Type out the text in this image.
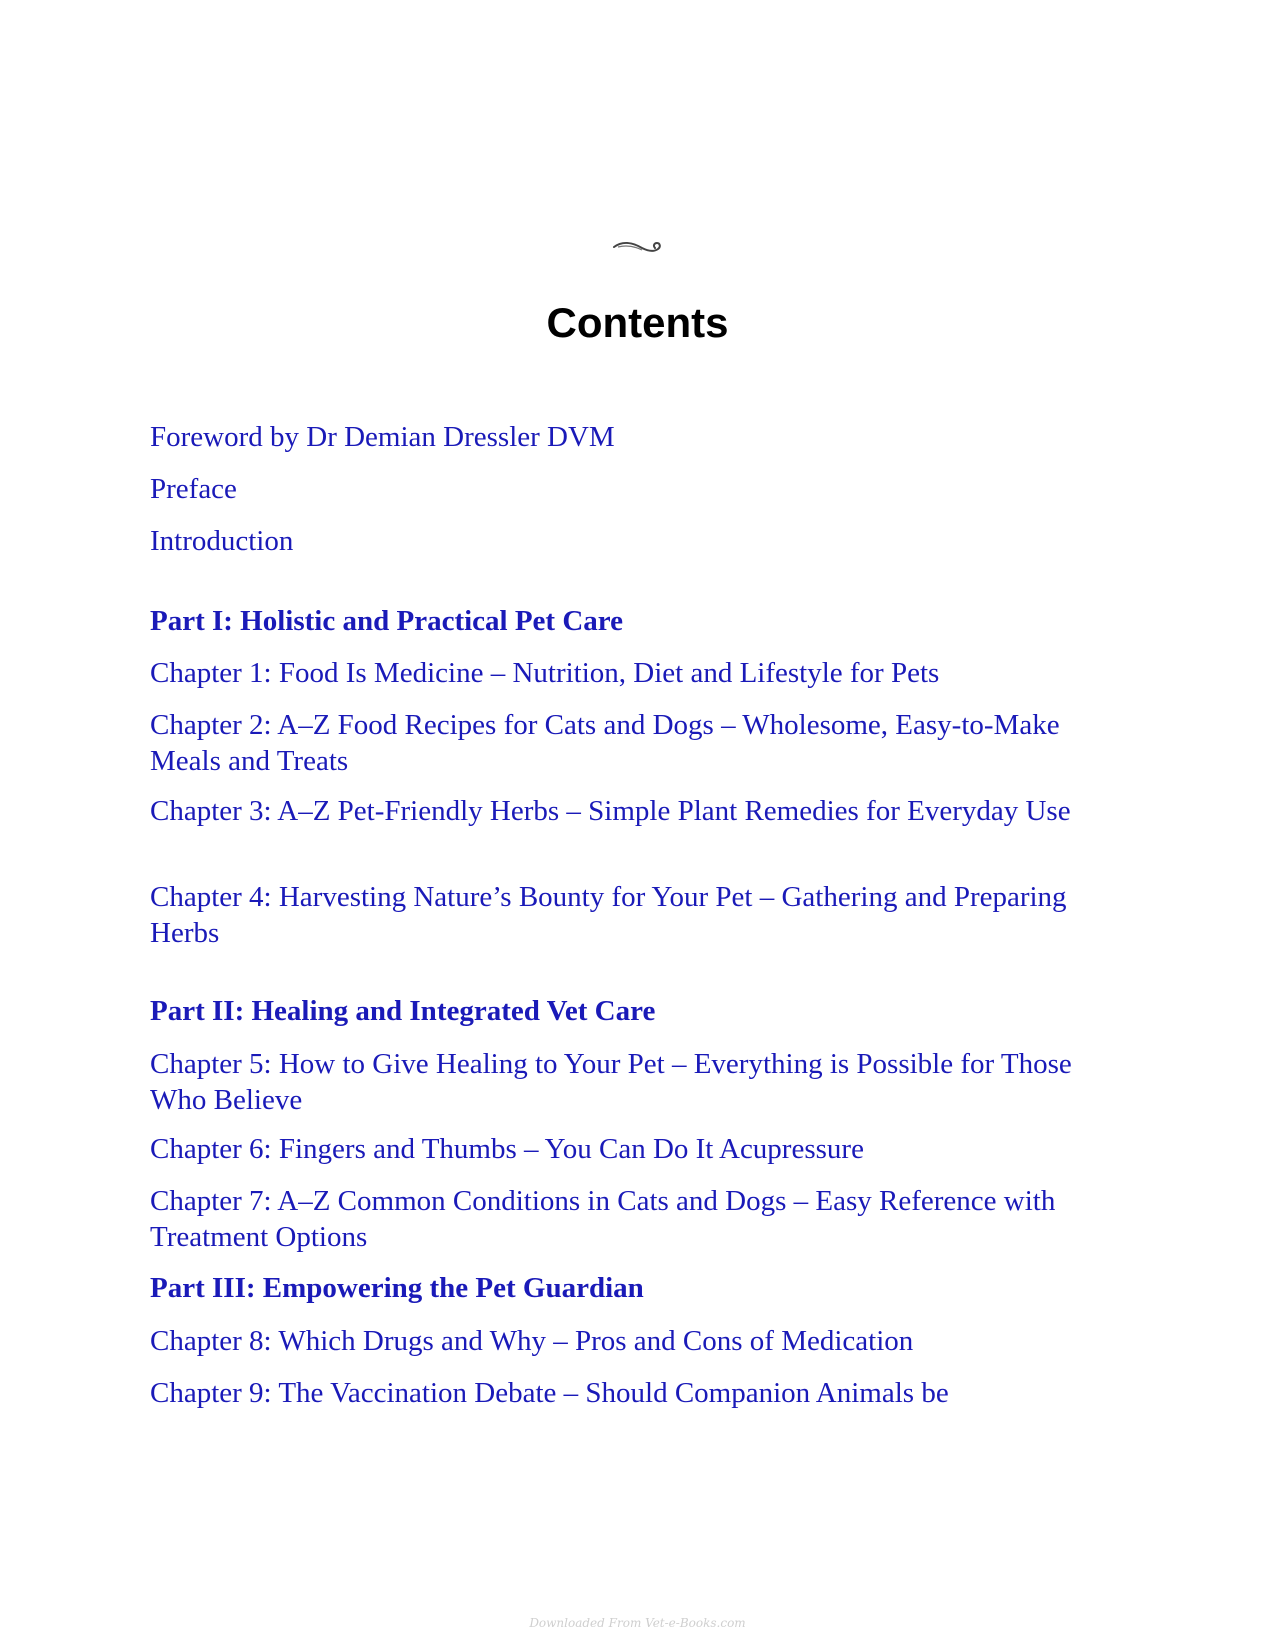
Contents
Foreword by Dr Demian Dressler DVM
Preface
Introduction
Part I: Holistic and Practical Pet Care
Chapter 1: Food Is Medicine – Nutrition, Diet and Lifestyle for Pets
Chapter 2: A–Z Food Recipes for Cats and Dogs – Wholesome, Easy-to-Make Meals and Treats
Chapter 3: A–Z Pet-Friendly Herbs – Simple Plant Remedies for Everyday Use
Chapter 4: Harvesting Nature’s Bounty for Your Pet – Gathering and Preparing Herbs
Part II: Healing and Integrated Vet Care
Chapter 5: How to Give Healing to Your Pet – Everything is Possible for Those Who Believe
Chapter 6: Fingers and Thumbs – You Can Do It Acupressure
Chapter 7: A–Z Common Conditions in Cats and Dogs – Easy Reference with Treatment Options
Part III: Empowering the Pet Guardian
Chapter 8: Which Drugs and Why – Pros and Cons of Medication
Chapter 9: The Vaccination Debate – Should Companion Animals be
Downloaded From Vet-e-Books.com
